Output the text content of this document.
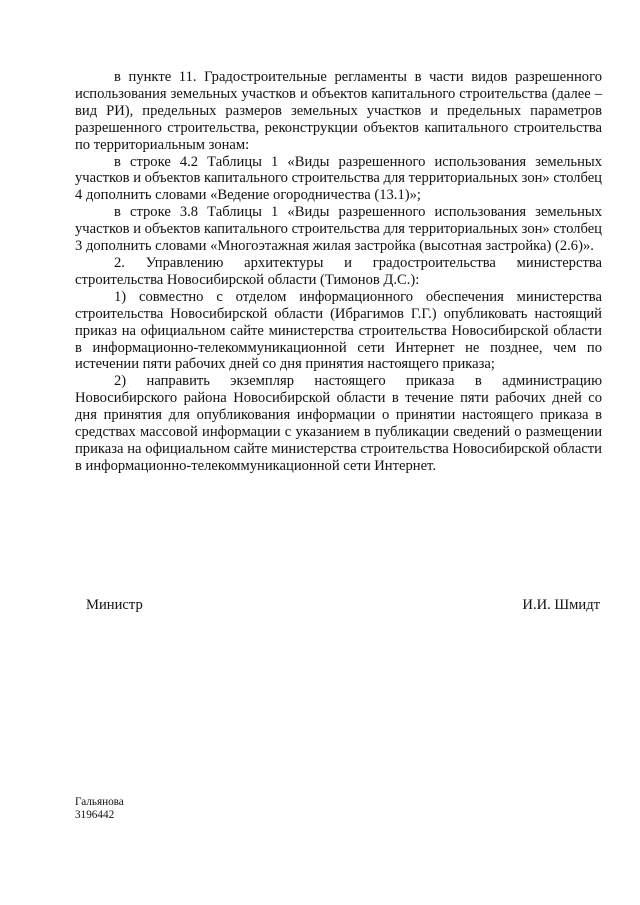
в пункте 11. Градостроительные регламенты в части видов разрешенного использования земельных участков и объектов капитального строительства (далее – вид РИ), предельных размеров земельных участков и предельных параметров разрешенного строительства, реконструкции объектов капитального строительства по территориальным зонам:

в строке 4.2 Таблицы 1 «Виды разрешенного использования земельных участков и объектов капитального строительства для территориальных зон» столбец 4 дополнить словами «Ведение огородничества (13.1)»;

в строке 3.8 Таблицы 1 «Виды разрешенного использования земельных участков и объектов капитального строительства для территориальных зон» столбец 3 дополнить словами «Многоэтажная жилая застройка (высотная застройка) (2.6)».

2. Управлению архитектуры и градостроительства министерства строительства Новосибирской области (Тимонов Д.С.):

1) совместно с отделом информационного обеспечения министерства строительства Новосибирской области (Ибрагимов Г.Г.) опубликовать настоящий приказ на официальном сайте министерства строительства Новосибирской области в информационно-телекоммуникационной сети Интернет не позднее, чем по истечении пяти рабочих дней со дня принятия настоящего приказа;

2) направить экземпляр настоящего приказа в администрацию Новосибирского района Новосибирской области в течение пяти рабочих дней со дня принятия для опубликования информации о принятии настоящего приказа в средствах массовой информации с указанием в публикации сведений о размещении приказа на официальном сайте министерства строительства Новосибирской области в информационно-телекоммуникационной сети Интернет.

Министр	И.И. Шмидт
Гальянова
3196442
